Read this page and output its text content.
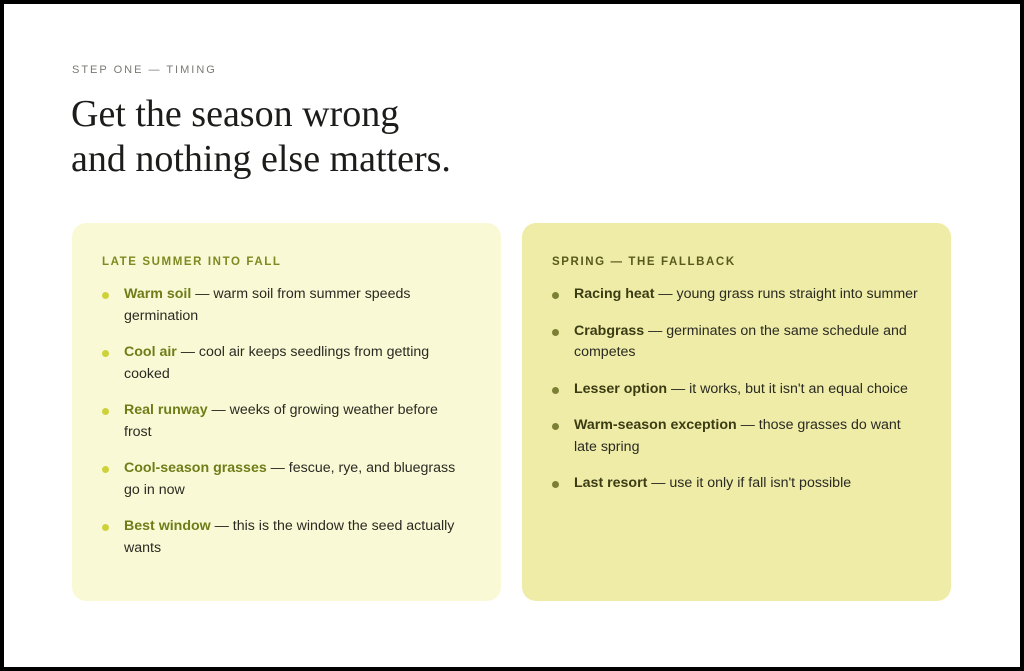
STEP ONE — TIMING
Get the season wrong
and nothing else matters.
LATE SUMMER INTO FALL
Warm soil — warm soil from summer speeds germination
Cool air — cool air keeps seedlings from getting cooked
Real runway — weeks of growing weather before frost
Cool-season grasses — fescue, rye, and bluegrass go in now
Best window — this is the window the seed actually wants
SPRING — THE FALLBACK
Racing heat — young grass runs straight into summer
Crabgrass — germinates on the same schedule and competes
Lesser option — it works, but it isn't an equal choice
Warm-season exception — those grasses do want late spring
Last resort — use it only if fall isn't possible
